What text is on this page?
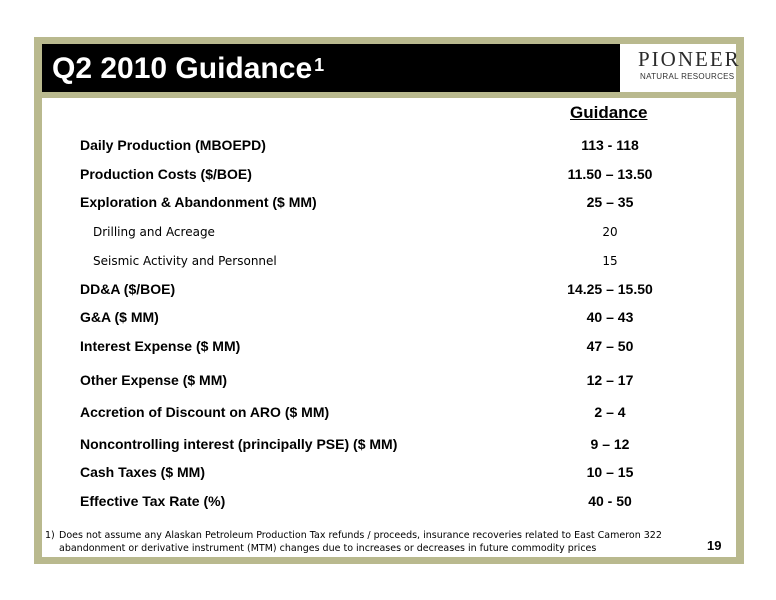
Q2 2010 Guidance $^1$	PIONEER
NATURAL RESOURCES
Guidance
Daily Production (MBOEPD)	113 - 118
Production Costs ($/BOE)	11.50 – 13.50
Exploration & Abandonment ($ MM)	25 – 35
Drilling and Acreage	20
Seismic Activity and Personnel	15
DD&A ($/BOE)	14.25 – 15.50
G&A ($ MM)	40 – 43
Interest Expense ($ MM)	47 – 50
Other Expense ($ MM)	12 – 17
Accretion of Discount on ARO ($ MM)	2 – 4
Noncontrolling interest (principally PSE) ($ MM)	9 – 12
Cash Taxes ($ MM)	10 – 15
Effective Tax Rate (%)	40 - 50
1) Does not assume any Alaskan Petroleum Production Tax refunds / proceeds, insurance recoveries related to East Cameron 322 abandonment or derivative instrument (MTM) changes due to increases or decreases in future commodity prices	19
